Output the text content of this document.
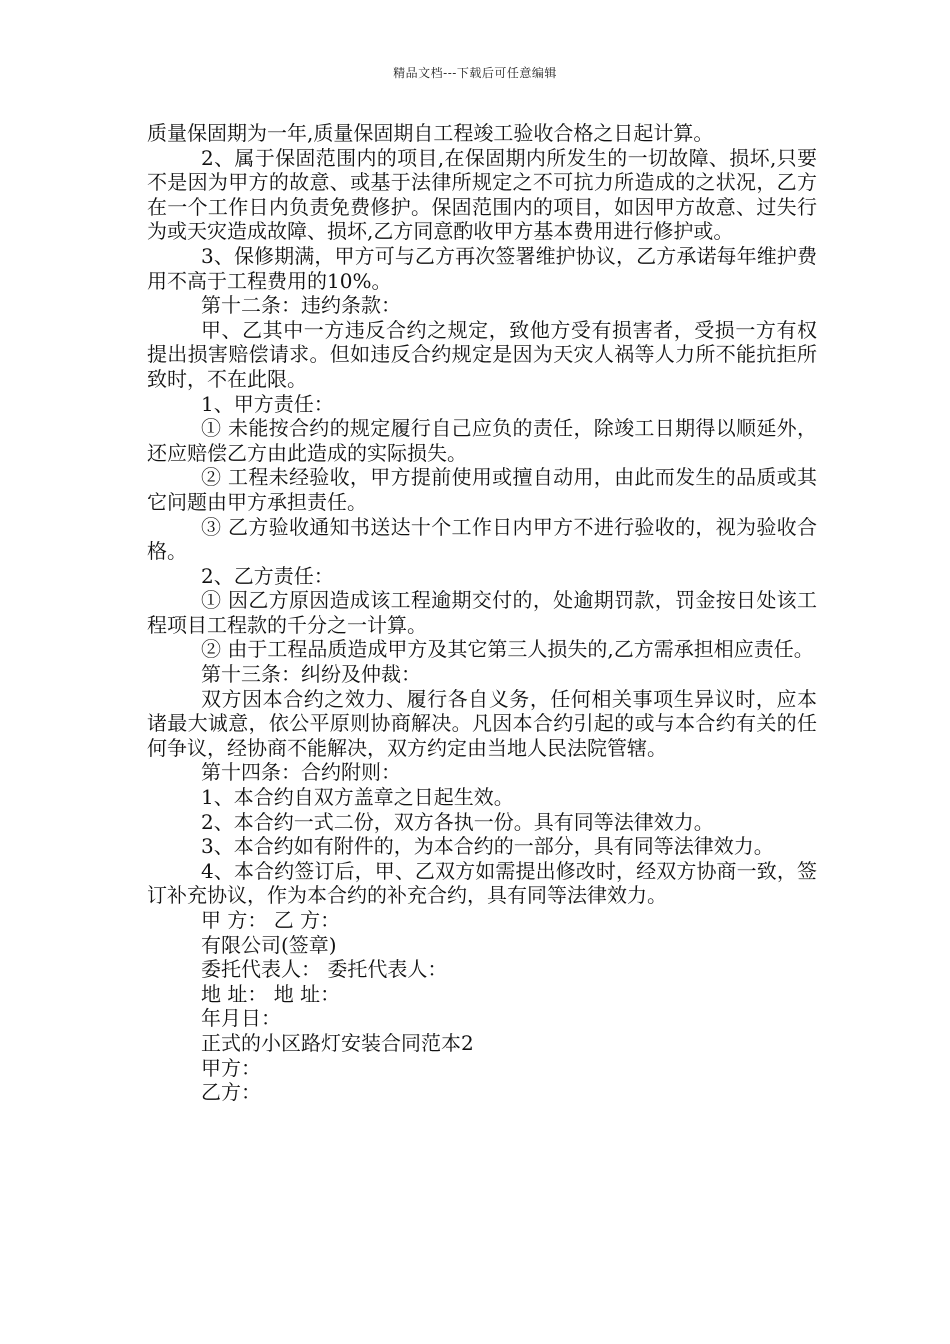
精品文档---下载后可任意编辑

质量保固期为一年,质量保固期自工程竣工验收合格之日起计算。

2、属于保固范围内的项目,在保固期内所发生的一切故障、损坏,只要不是因为甲方的故意、或基于法律所规定之不可抗力所造成的之状况，乙方在一个工作日内负责免费修护。保固范围内的项目，如因甲方故意、过失行为或天灾造成故障、损坏,乙方同意酌收甲方基本费用进行修护或。

3、保修期满，甲方可与乙方再次签署维护协议，乙方承诺每年维护费用不高于工程费用的10%。

第十二条：违约条款：

甲、乙其中一方违反合约之规定，致他方受有损害者，受损一方有权提出损害赔偿请求。但如违反合约规定是因为天灾人祸等人力所不能抗拒所致时，不在此限。

1、甲方责任：

① 未能按合约的规定履行自己应负的责任，除竣工日期得以顺延外，还应赔偿乙方由此造成的实际损失。

② 工程未经验收，甲方提前使用或擅自动用，由此而发生的品质或其它问题由甲方承担责任。

③ 乙方验收通知书送达十个工作日内甲方不进行验收的，视为验收合格。

2、乙方责任：

① 因乙方原因造成该工程逾期交付的，处逾期罚款，罚金按日处该工程项目工程款的千分之一计算。

② 由于工程品质造成甲方及其它第三人损失的,乙方需承担相应责任。

第十三条：纠纷及仲裁：

双方因本合约之效力、履行各自义务，任何相关事项生异议时，应本诸最大诚意，依公平原则协商解决。凡因本合约引起的或与本合约有关的任何争议，经协商不能解决，双方约定由当地人民法院管辖。

第十四条：合约附则：

1、本合约自双方盖章之日起生效。

2、本合约一式二份，双方各执一份。具有同等法律效力。

3、本合约如有附件的，为本合约的一部分，具有同等法律效力。

4、本合约签订后，甲、乙双方如需提出修改时，经双方协商一致，签订补充协议，作为本合约的补充合约，具有同等法律效力。

甲 方： 乙 方：

有限公司(签章)

委托代表人： 委托代表人：

地 址： 地 址：

年月日：

正式的小区路灯安装合同范本2

甲方：

乙方：
